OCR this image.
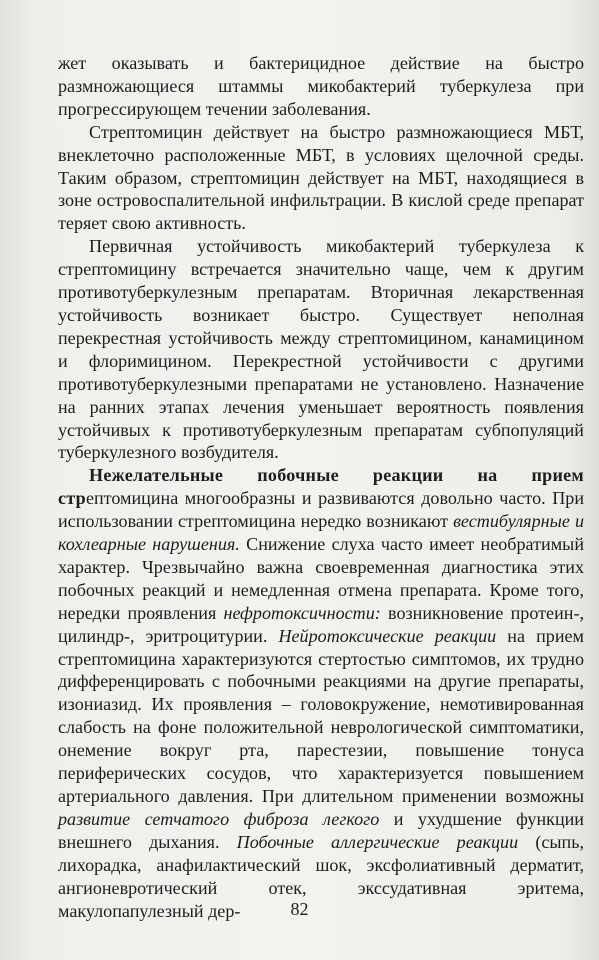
жет оказывать и бактерицидное действие на быстро размножающиеся штаммы микобактерий туберкулеза при прогрессирующем течении заболевания.

Стрептомицин действует на быстро размножающиеся МБТ, внеклеточно расположенные МБТ, в условиях щелочной среды. Таким образом, стрептомицин действует на МБТ, находящиеся в зоне островоспалительной инфильтрации. В кислой среде препарат теряет свою активность.

Первичная устойчивость микобактерий туберкулеза к стрептомицину встречается значительно чаще, чем к другим противотуберкулезным препаратам. Вторичная лекарственная устойчивость возникает быстро. Существует неполная перекрестная устойчивость между стрептомицином, канамицином и флоримицином. Перекрестной устойчивости с другими противотуберкулезными препаратами не установлено. Назначение на ранних этапах лечения уменьшает вероятность появления устойчивых к противотуберкулезным препаратам субпопуляций туберкулезного возбудителя.

Нежелательные побочные реакции на прием стрептомицина многообразны и развиваются довольно часто. При использовании стрептомицина нередко возникают вестибулярные и кохлеарные нарушения. Снижение слуха часто имеет необратимый характер. Чрезвычайно важна своевременная диагностика этих побочных реакций и немедленная отмена препарата. Кроме того, нередки проявления нефротоксичности: возникновение протеин-, цилиндр-, эритроцитурии. Нейротоксические реакции на прием стрептомицина характеризуются стертостью симптомов, их трудно дифференцировать с побочными реакциями на другие препараты, изониазид. Их проявления – головокружение, немотивированная слабость на фоне положительной неврологической симптоматики, онемение вокруг рта, парестезии, повышение тонуса периферических сосудов, что характеризуется повышением артериального давления. При длительном применении возможны развитие сетчатого фиброза легкого и ухудшение функции внешнего дыхания. Побочные аллергические реакции (сыпь, лихорадка, анафилактический шок, эксфолиативный дерматит, ангионевротический отек, экссудативная эритема, макулопапулезный дер-	82
